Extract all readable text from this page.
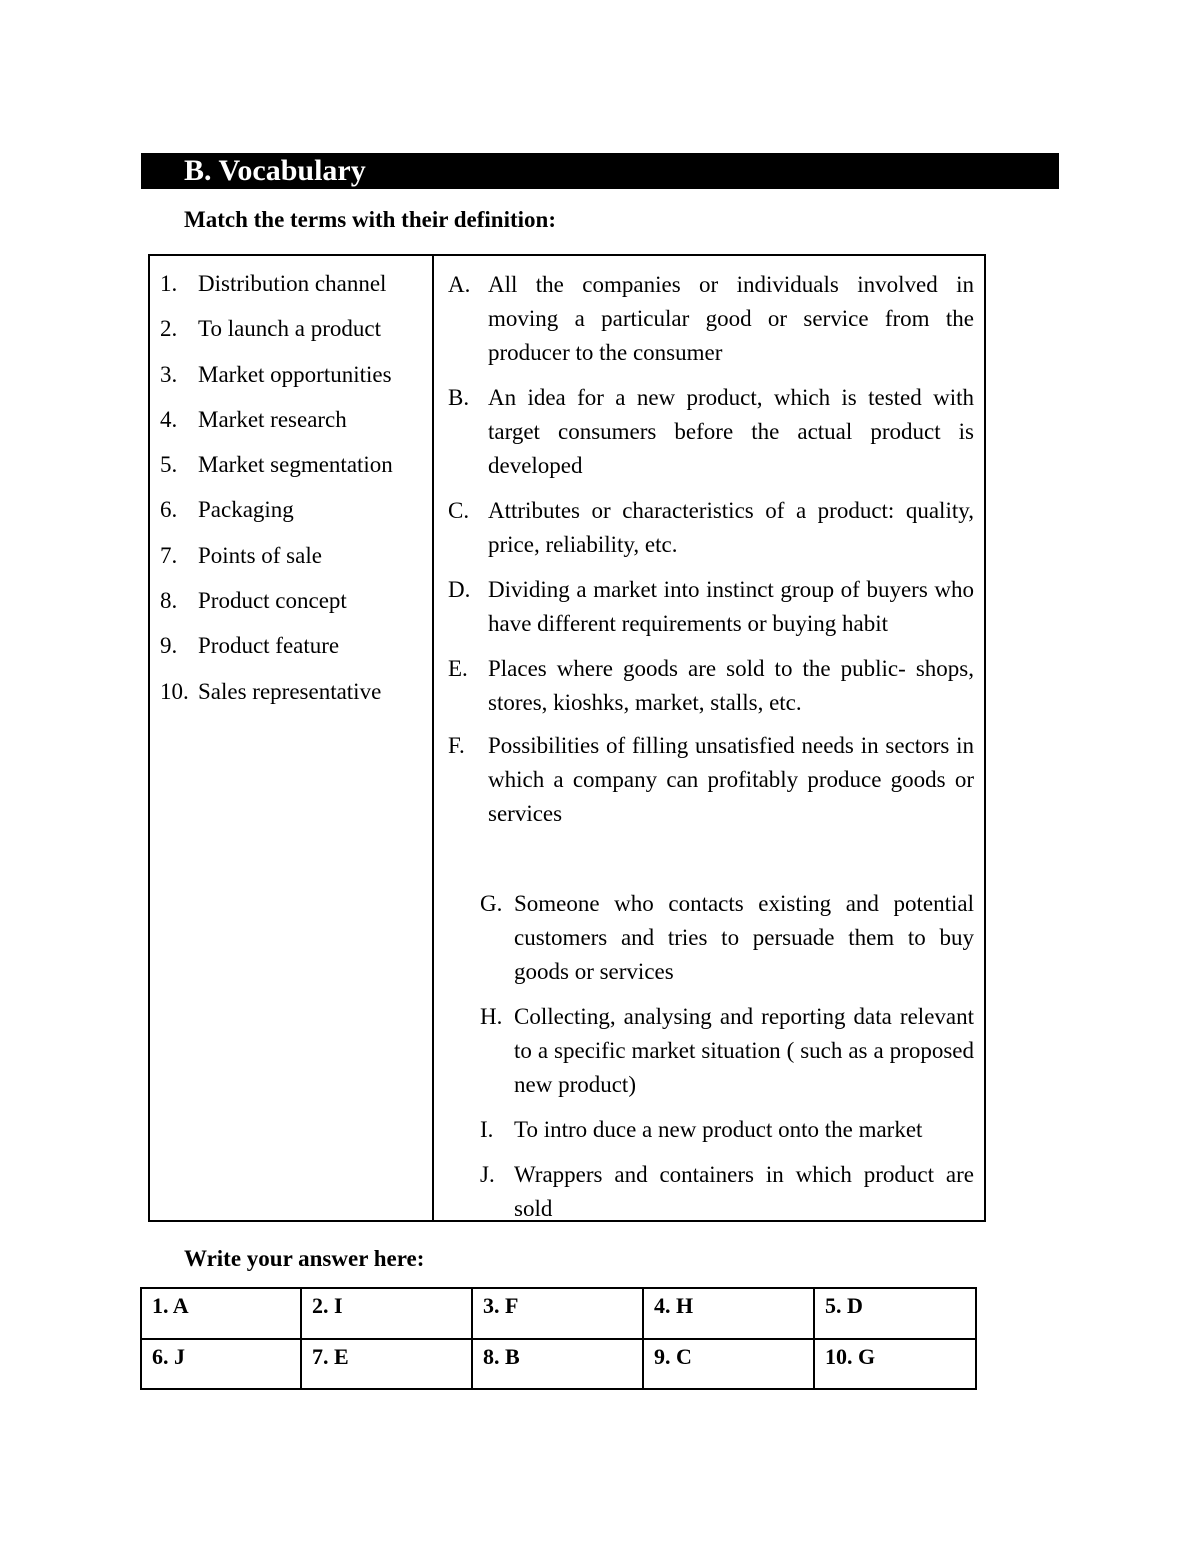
B. Vocabulary
Match the terms with their definition:
1. Distribution channel
2. To launch a product
3. Market opportunities
4. Market research
5. Market segmentation
6. Packaging
7. Points of sale
8. Product concept
9. Product feature
10. Sales representative
A. All the companies or individuals involved in moving a particular good or service from the producer to the consumer
B. An idea for a new product, which is tested with target consumers before the actual product is developed
C. Attributes or characteristics of a product: quality, price, reliability, etc.
D. Dividing a market into instinct group of buyers who have different requirements or buying habit
E. Places where goods are sold to the public- shops, stores, kioshks, market, stalls, etc.
F.	Possibilities of filling unsatisfied needs in sectors in which a company can profitably produce goods or services
G. Someone who contacts existing and potential customers and tries to persuade them to buy goods or services
H. Collecting, analysing and reporting data relevant to a specific market situation ( such as a proposed new product)
I. To intro duce a new product onto the market
J. Wrappers and containers in which product are sold
Write your answer here:
1. A	2. I	3. F	4. H	5. D
6. J	7. E	8. B	9. C	10. G
